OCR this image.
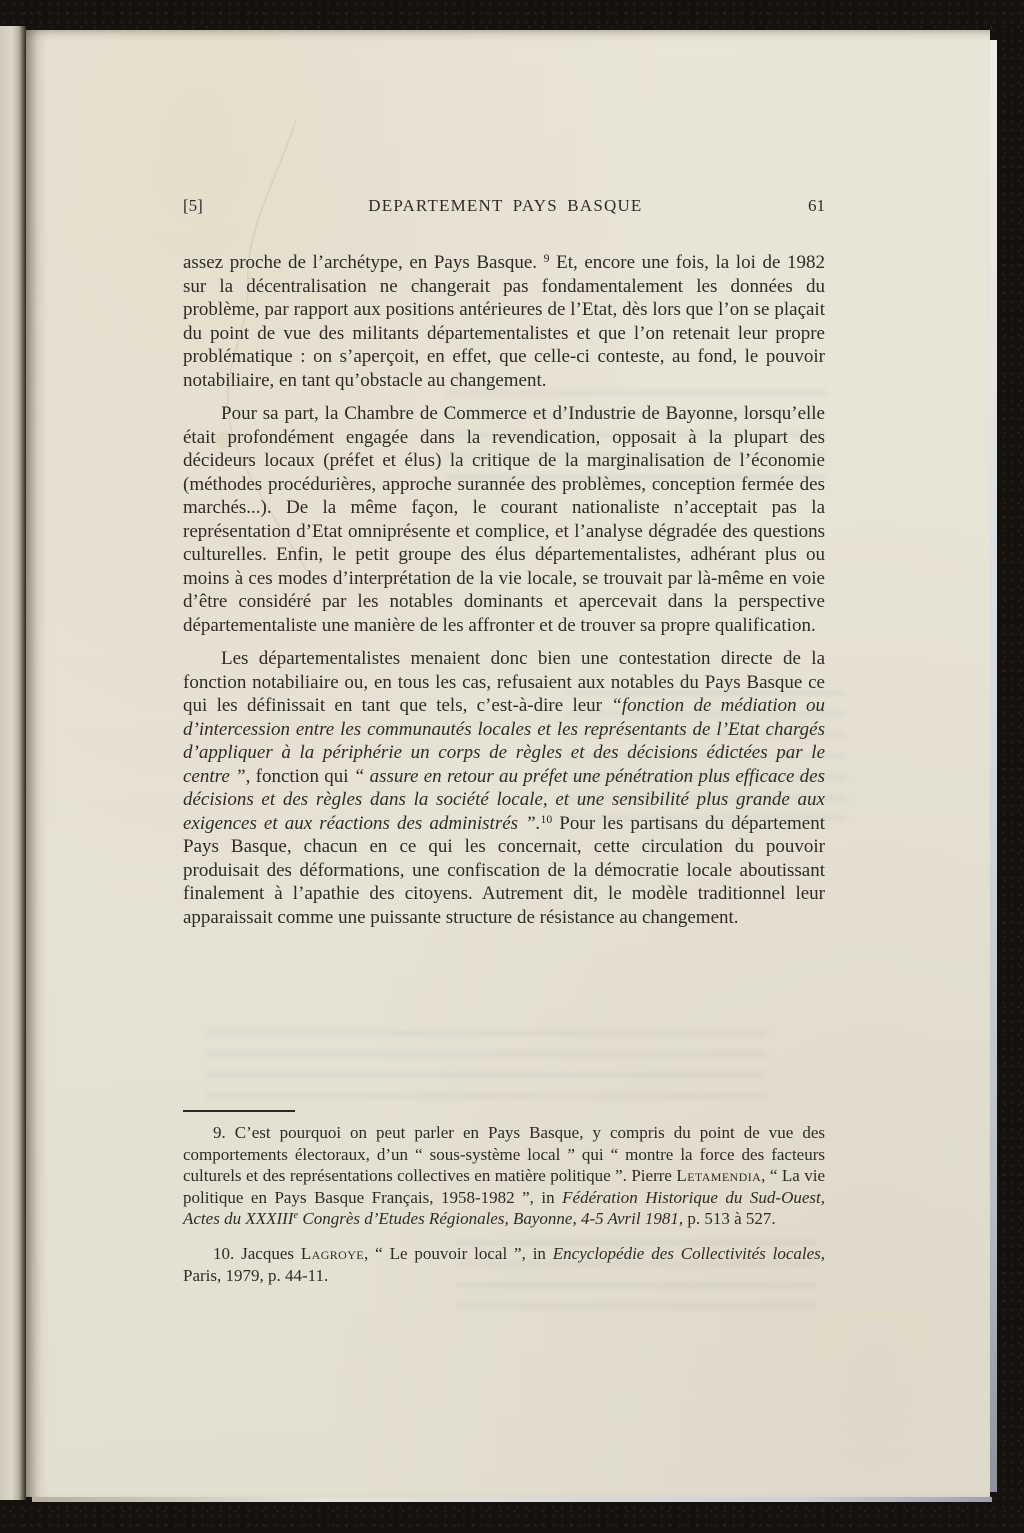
[5]	DEPARTEMENT PAYS BASQUE	61

assez proche de l’archétype, en Pays Basque. $^9$ Et, encore une fois, la loi de 1982 sur la décentralisation ne changerait pas fondamentalement les données du problème, par rapport aux positions antérieures de l’Etat, dès lors que l’on se plaçait du point de vue des militants départementalistes et que l’on retenait leur propre problématique : on s’aperçoit, en effet, que celle-ci conteste, au fond, le pouvoir notabiliaire, en tant qu’obstacle au changement.

Pour sa part, la Chambre de Commerce et d’Industrie de Bayonne, lorsqu’elle était profondément engagée dans la revendication, opposait à la plupart des décideurs locaux (préfet et élus) la critique de la marginalisation de l’économie (méthodes procédurières, approche surannée des problèmes, conception fermée des marchés...). De la même façon, le courant nationaliste n’acceptait pas la représentation d’Etat omniprésente et complice, et l’analyse dégradée des questions culturelles. Enfin, le petit groupe des élus départementalistes, adhérant plus ou moins à ces modes d’interprétation de la vie locale, se trouvait par là-même en voie d’être considéré par les notables dominants et apercevait dans la perspective départementaliste une manière de les affronter et de trouver sa propre qualification.

Les départementalistes menaient donc bien une contestation directe de la fonction notabiliaire ou, en tous les cas, refusaient aux notables du Pays Basque ce qui les définissait en tant que tels, c’est-à-dire leur “fonction de médiation ou d’intercession entre les communautés locales et les représentants de l’Etat chargés d’appliquer à la périphérie un corps de règles et des décisions édictées par le centre ”, fonction qui “ assure en retour au préfet une pénétration plus efficace des décisions et des règles dans la société locale, et une sensibilité plus grande aux exigences et aux réactions des administrés ”.$^{10}$ Pour les partisans du département Pays Basque, chacun en ce qui les concernait, cette circulation du pouvoir produisait des déformations, une confiscation de la démocratie locale aboutissant finalement à l’apathie des citoyens. Autrement dit, le modèle traditionnel leur apparaissait comme une puissante structure de résistance au changement.

9. C’est pourquoi on peut parler en Pays Basque, y compris du point de vue des comportements électoraux, d’un “ sous-système local ” qui “ montre la force des facteurs culturels et des représentations collectives en matière politique ”. Pierre Letamendia, “ La vie politique en Pays Basque Français, 1958-1982 ”, in Fédération Historique du Sud-Ouest, Actes du XXXIIIe Congrès d’Etudes Régionales, Bayonne, 4-5 Avril 1981, p. 513 à 527.

10. Jacques Lagroye, “ Le pouvoir local ”, in Encyclopédie des Collectivités locales, Paris, 1979, p. 44-11.
